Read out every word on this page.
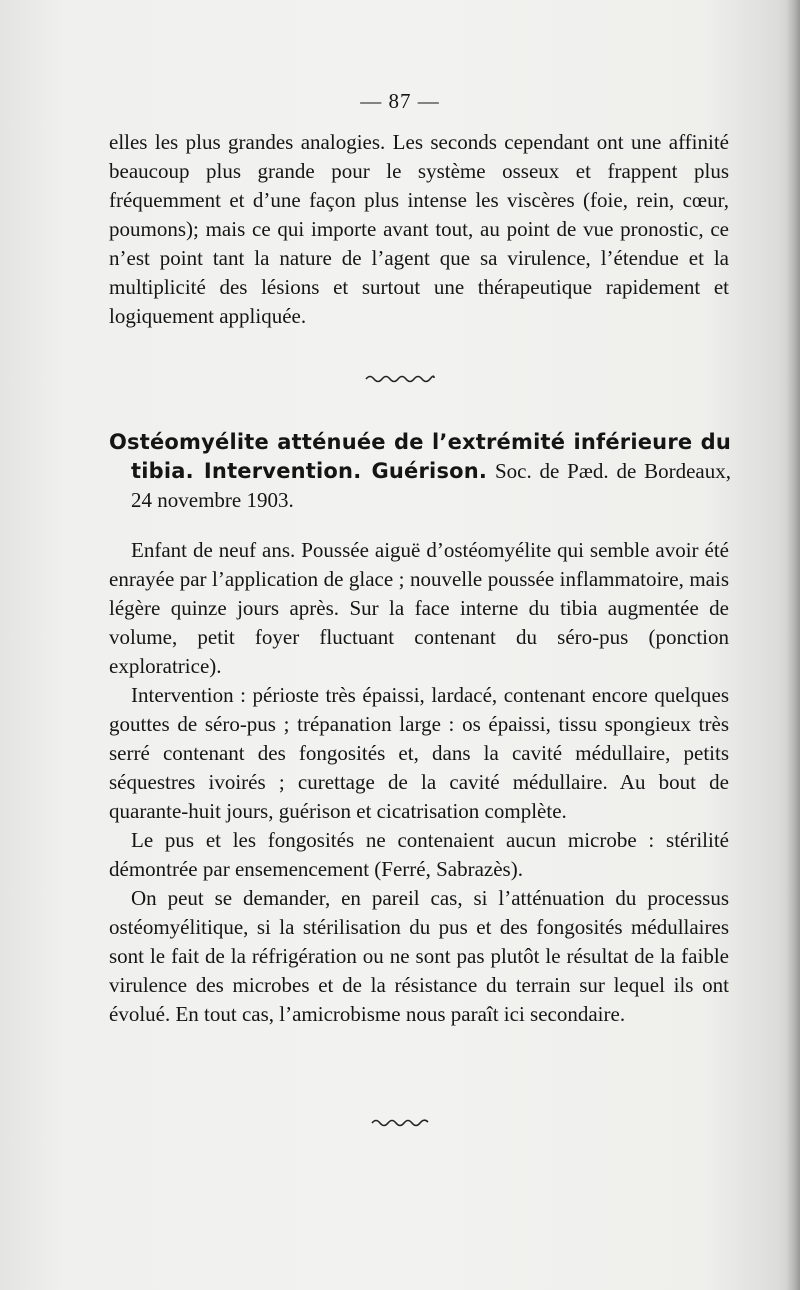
— 87 —

elles les plus grandes analogies. Les seconds cependant ont une affinité beaucoup plus grande pour le système osseux et frappent plus fréquemment et d’une façon plus intense les viscères (foie, rein, cœur, poumons); mais ce qui importe avant tout, au point de vue pronostic, ce n’est point tant la nature de l’agent que sa virulence, l’étendue et la multiplicité des lésions et surtout une thérapeutique rapidement et logiquement appliquée.

Ostéomyélite atténuée de l’extrémité inférieure du tibia. Intervention. Guérison. Soc. de Pæd. de Bordeaux, 24 novembre 1903.

Enfant de neuf ans. Poussée aiguë d’ostéomyélite qui semble avoir été enrayée par l’application de glace ; nouvelle poussée inflammatoire, mais légère quinze jours après. Sur la face interne du tibia augmentée de volume, petit foyer fluctuant contenant du séro-pus (ponction exploratrice).

Intervention : périoste très épaissi, lardacé, contenant encore quelques gouttes de séro-pus ; trépanation large : os épaissi, tissu spongieux très serré contenant des fongosités et, dans la cavité médullaire, petits séquestres ivoirés ; curettage de la cavité médullaire. Au bout de quarante-huit jours, guérison et cicatrisation complète.

Le pus et les fongosités ne contenaient aucun microbe : stérilité démontrée par ensemencement (Ferré, Sabrazès).

On peut se demander, en pareil cas, si l’atténuation du processus ostéomyélitique, si la stérilisation du pus et des fongosités médullaires sont le fait de la réfrigération ou ne sont pas plutôt le résultat de la faible virulence des microbes et de la résistance du terrain sur lequel ils ont évolué. En tout cas, l’amicrobisme nous paraît ici secondaire.
